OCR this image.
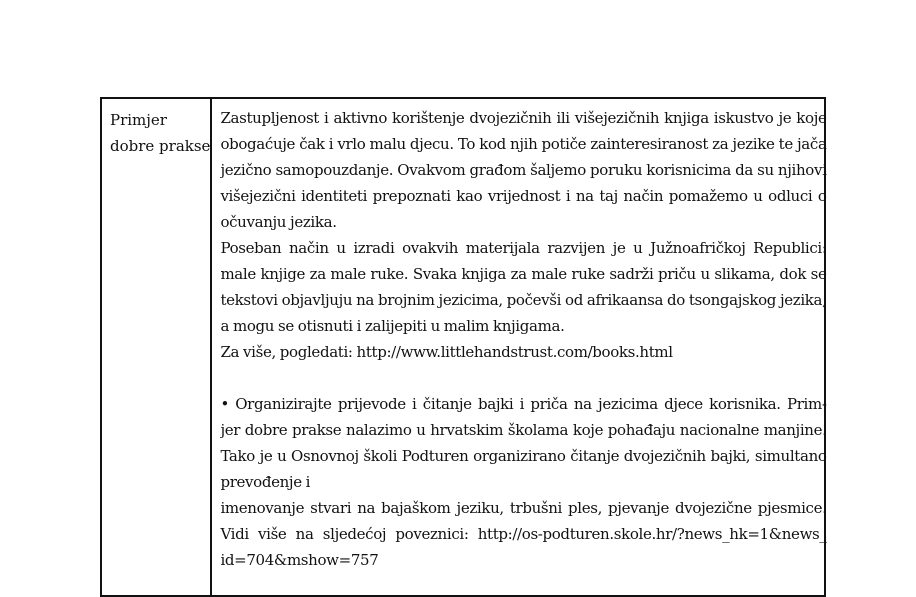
Primjer
dobre prakse
Zastupljenost i aktivno korištenje dvojezičnih ili višejezičnih knjiga iskustvo je koje
obogaćuje čak i vrlo malu djecu. To kod njih potiče zainteresiranost za jezike te jača
jezično samopouzdanje. Ovakvom građom šaljemo poruku korisnicima da su njihovi
višejezični identiteti prepoznati kao vrijednost i na taj način pomažemo u odluci o
očuvanju jezika.
Poseban način u izradi ovakvih materijala razvijen je u Južnoafričkoj Republici:
male knjige za male ruke. Svaka knjiga za male ruke sadrži priču u slikama, dok se
tekstovi objavljuju na brojnim jezicima, počevši od afrikaansa do tsongajskog jezika,
a mogu se otisnuti i zalijepiti u malim knjigama.
Za više, pogledati: http://www.littlehandstrust.com/books.html
• Organizirajte prijevode i čitanje bajki i priča na jezicima djece korisnika. Prim-
jer dobre prakse nalazimo u hrvatskim školama koje pohađaju nacionalne manjine.
Tako je u Osnovnoj školi Podturen organizirano čitanje dvojezičnih bajki, simultano
prevođenje i
imenovanje stvari na bajaškom jeziku, trbušni ples, pjevanje dvojezične pjesmice.
Vidi više na sljedećoj poveznici: http://os-podturen.skole.hr/?news_hk=1&news_
id=704&mshow=757
